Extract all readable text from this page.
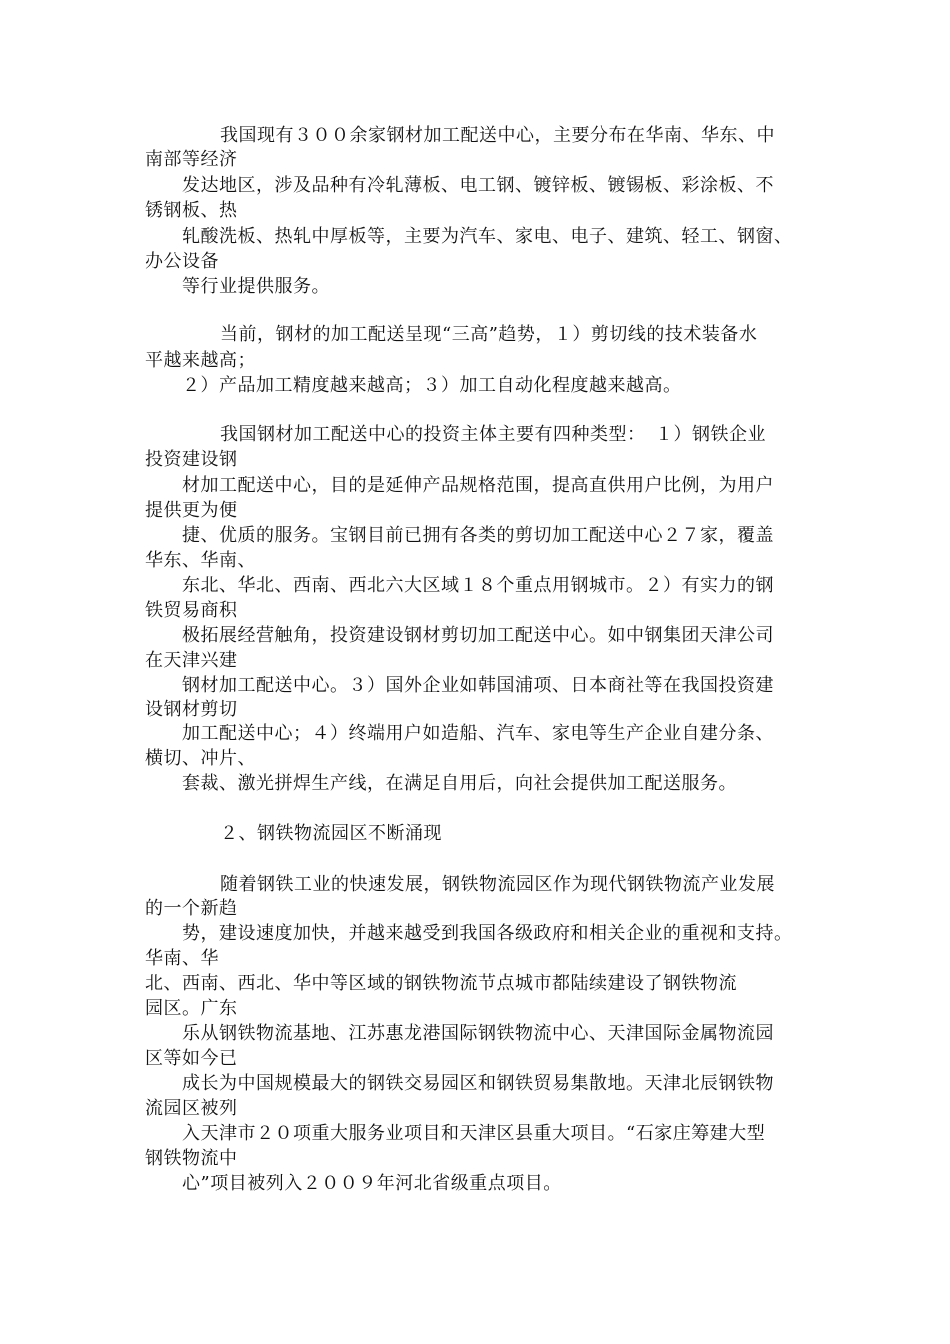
我国现有３００余家钢材加工配送中心，主要分布在华南、华东、中
南部等经济
发达地区，涉及品种有冷轧薄板、电工钢、镀锌板、镀锡板、彩涂板、不
锈钢板、热
轧酸洗板、热轧中厚板等，主要为汽车、家电、电子、建筑、轻工、钢窗、
办公设备
等行业提供服务。
当前，钢材的加工配送呈现“三高”趋势，１）剪切线的技术装备水
平越来越高；
２）产品加工精度越来越高；３）加工自动化程度越来越高。
我国钢材加工配送中心的投资主体主要有四种类型：　１）钢铁企业
投资建设钢
材加工配送中心，目的是延伸产品规格范围，提高直供用户比例，为用户
提供更为便
捷、优质的服务。宝钢目前已拥有各类的剪切加工配送中心２７家，覆盖
华东、华南、
东北、华北、西南、西北六大区域１８个重点用钢城市。２）有实力的钢
铁贸易商积
极拓展经营触角，投资建设钢材剪切加工配送中心。如中钢集团天津公司
在天津兴建
钢材加工配送中心。３）国外企业如韩国浦项、日本商社等在我国投资建
设钢材剪切
加工配送中心；４）终端用户如造船、汽车、家电等生产企业自建分条、
横切、冲片、
套裁、激光拼焊生产线，在满足自用后，向社会提供加工配送服务。
２、钢铁物流园区不断涌现
随着钢铁工业的快速发展，钢铁物流园区作为现代钢铁物流产业发展
的一个新趋
势，建设速度加快，并越来越受到我国各级政府和相关企业的重视和支持。
华南、华
北、西南、西北、华中等区域的钢铁物流节点城市都陆续建设了钢铁物流
园区。广东
乐从钢铁物流基地、江苏惠龙港国际钢铁物流中心、天津国际金属物流园
区等如今已
成长为中国规模最大的钢铁交易园区和钢铁贸易集散地。天津北辰钢铁物
流园区被列
入天津市２０项重大服务业项目和天津区县重大项目。“石家庄筹建大型
钢铁物流中
心”项目被列入２００９年河北省级重点项目。
